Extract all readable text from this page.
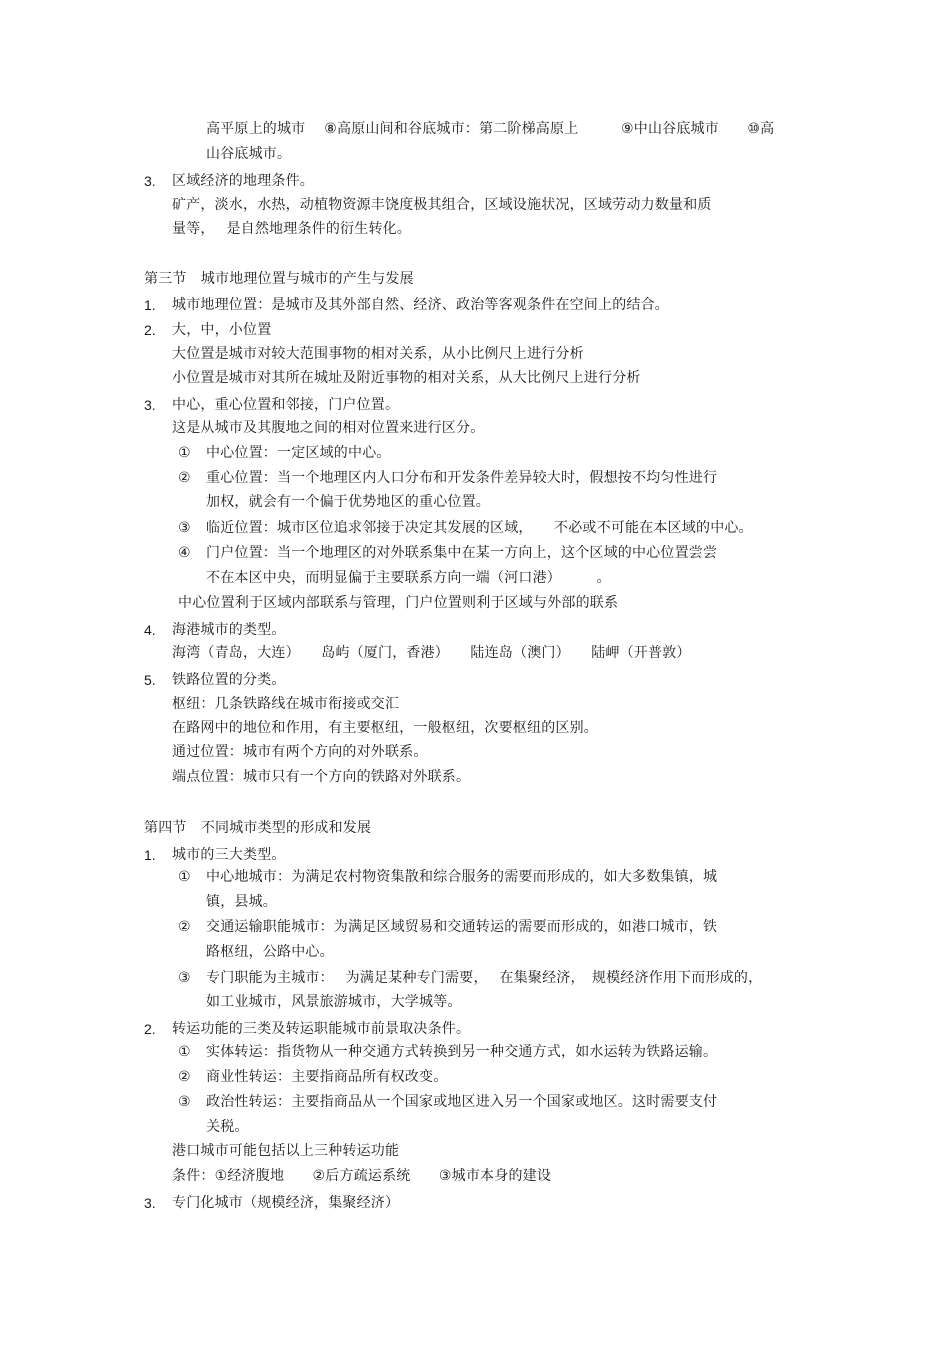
高平原上的城市　 ⑧高原山间和谷底城市：第二阶梯高原上　　　⑨中山谷底城市　　⑩高
山谷底城市。
3. 区域经济的地理条件。
矿产，淡水，水热，动植物资源丰饶度极其组合，区域设施状况，区域劳动力数量和质
量等，　 是自然地理条件的衍生转化。
第三节　城市地理位置与城市的产生与发展
1. 城市地理位置：是城市及其外部自然、经济、政治等客观条件在空间上的结合。
2. 大，中，小位置
大位置是城市对较大范围事物的相对关系，从小比例尺上进行分析
小位置是城市对其所在城址及附近事物的相对关系，从大比例尺上进行分析
3. 中心，重心位置和邻接，门户位置。
这是从城市及其腹地之间的相对位置来进行区分。
① 中心位置：一定区域的中心。
② 重心位置：当一个地理区内人口分布和开发条件差异较大时，假想按不均匀性进行
加权，就会有一个偏于优势地区的重心位置。
③ 临近位置：城市区位追求邻接于决定其发展的区域，　　不必或不可能在本区域的中心。
④ 门户位置：当一个地理区的对外联系集中在某一方向上，这个区域的中心位置尝尝
不在本区中央，而明显偏于主要联系方向一端（河口港）　　　。
中心位置利于区域内部联系与管理，门户位置则利于区域与外部的联系
4. 海港城市的类型。
海湾（青岛，大连）　　岛屿（厦门，香港）　　陆连岛（澳门）　　陆岬（开普敦）
5. 铁路位置的分类。
枢纽：几条铁路线在城市衔接或交汇
在路网中的地位和作用，有主要枢纽，一般枢纽，次要枢纽的区别。
通过位置：城市有两个方向的对外联系。
端点位置：城市只有一个方向的铁路对外联系。
第四节　不同城市类型的形成和发展
1. 城市的三大类型。
① 中心地城市：为满足农村物资集散和综合服务的需要而形成的，如大多数集镇，城
镇，县城。
② 交通运输职能城市：为满足区域贸易和交通转运的需要而形成的，如港口城市，铁
路枢纽，公路中心。
③ 专门职能为主城市：　 为满足某种专门需要，　 在集聚经济，　规模经济作用下而形成的，
如工业城市，风景旅游城市，大学城等。
2. 转运功能的三类及转运职能城市前景取决条件。
① 实体转运：指货物从一种交通方式转换到另一种交通方式，如水运转为铁路运输。
② 商业性转运：主要指商品所有权改变。
③ 政治性转运：主要指商品从一个国家或地区进入另一个国家或地区。这时需要支付
关税。
港口城市可能包括以上三种转运功能
条件：①经济腹地　　②后方疏运系统　　③城市本身的建设
3. 专门化城市（规模经济，集聚经济）
